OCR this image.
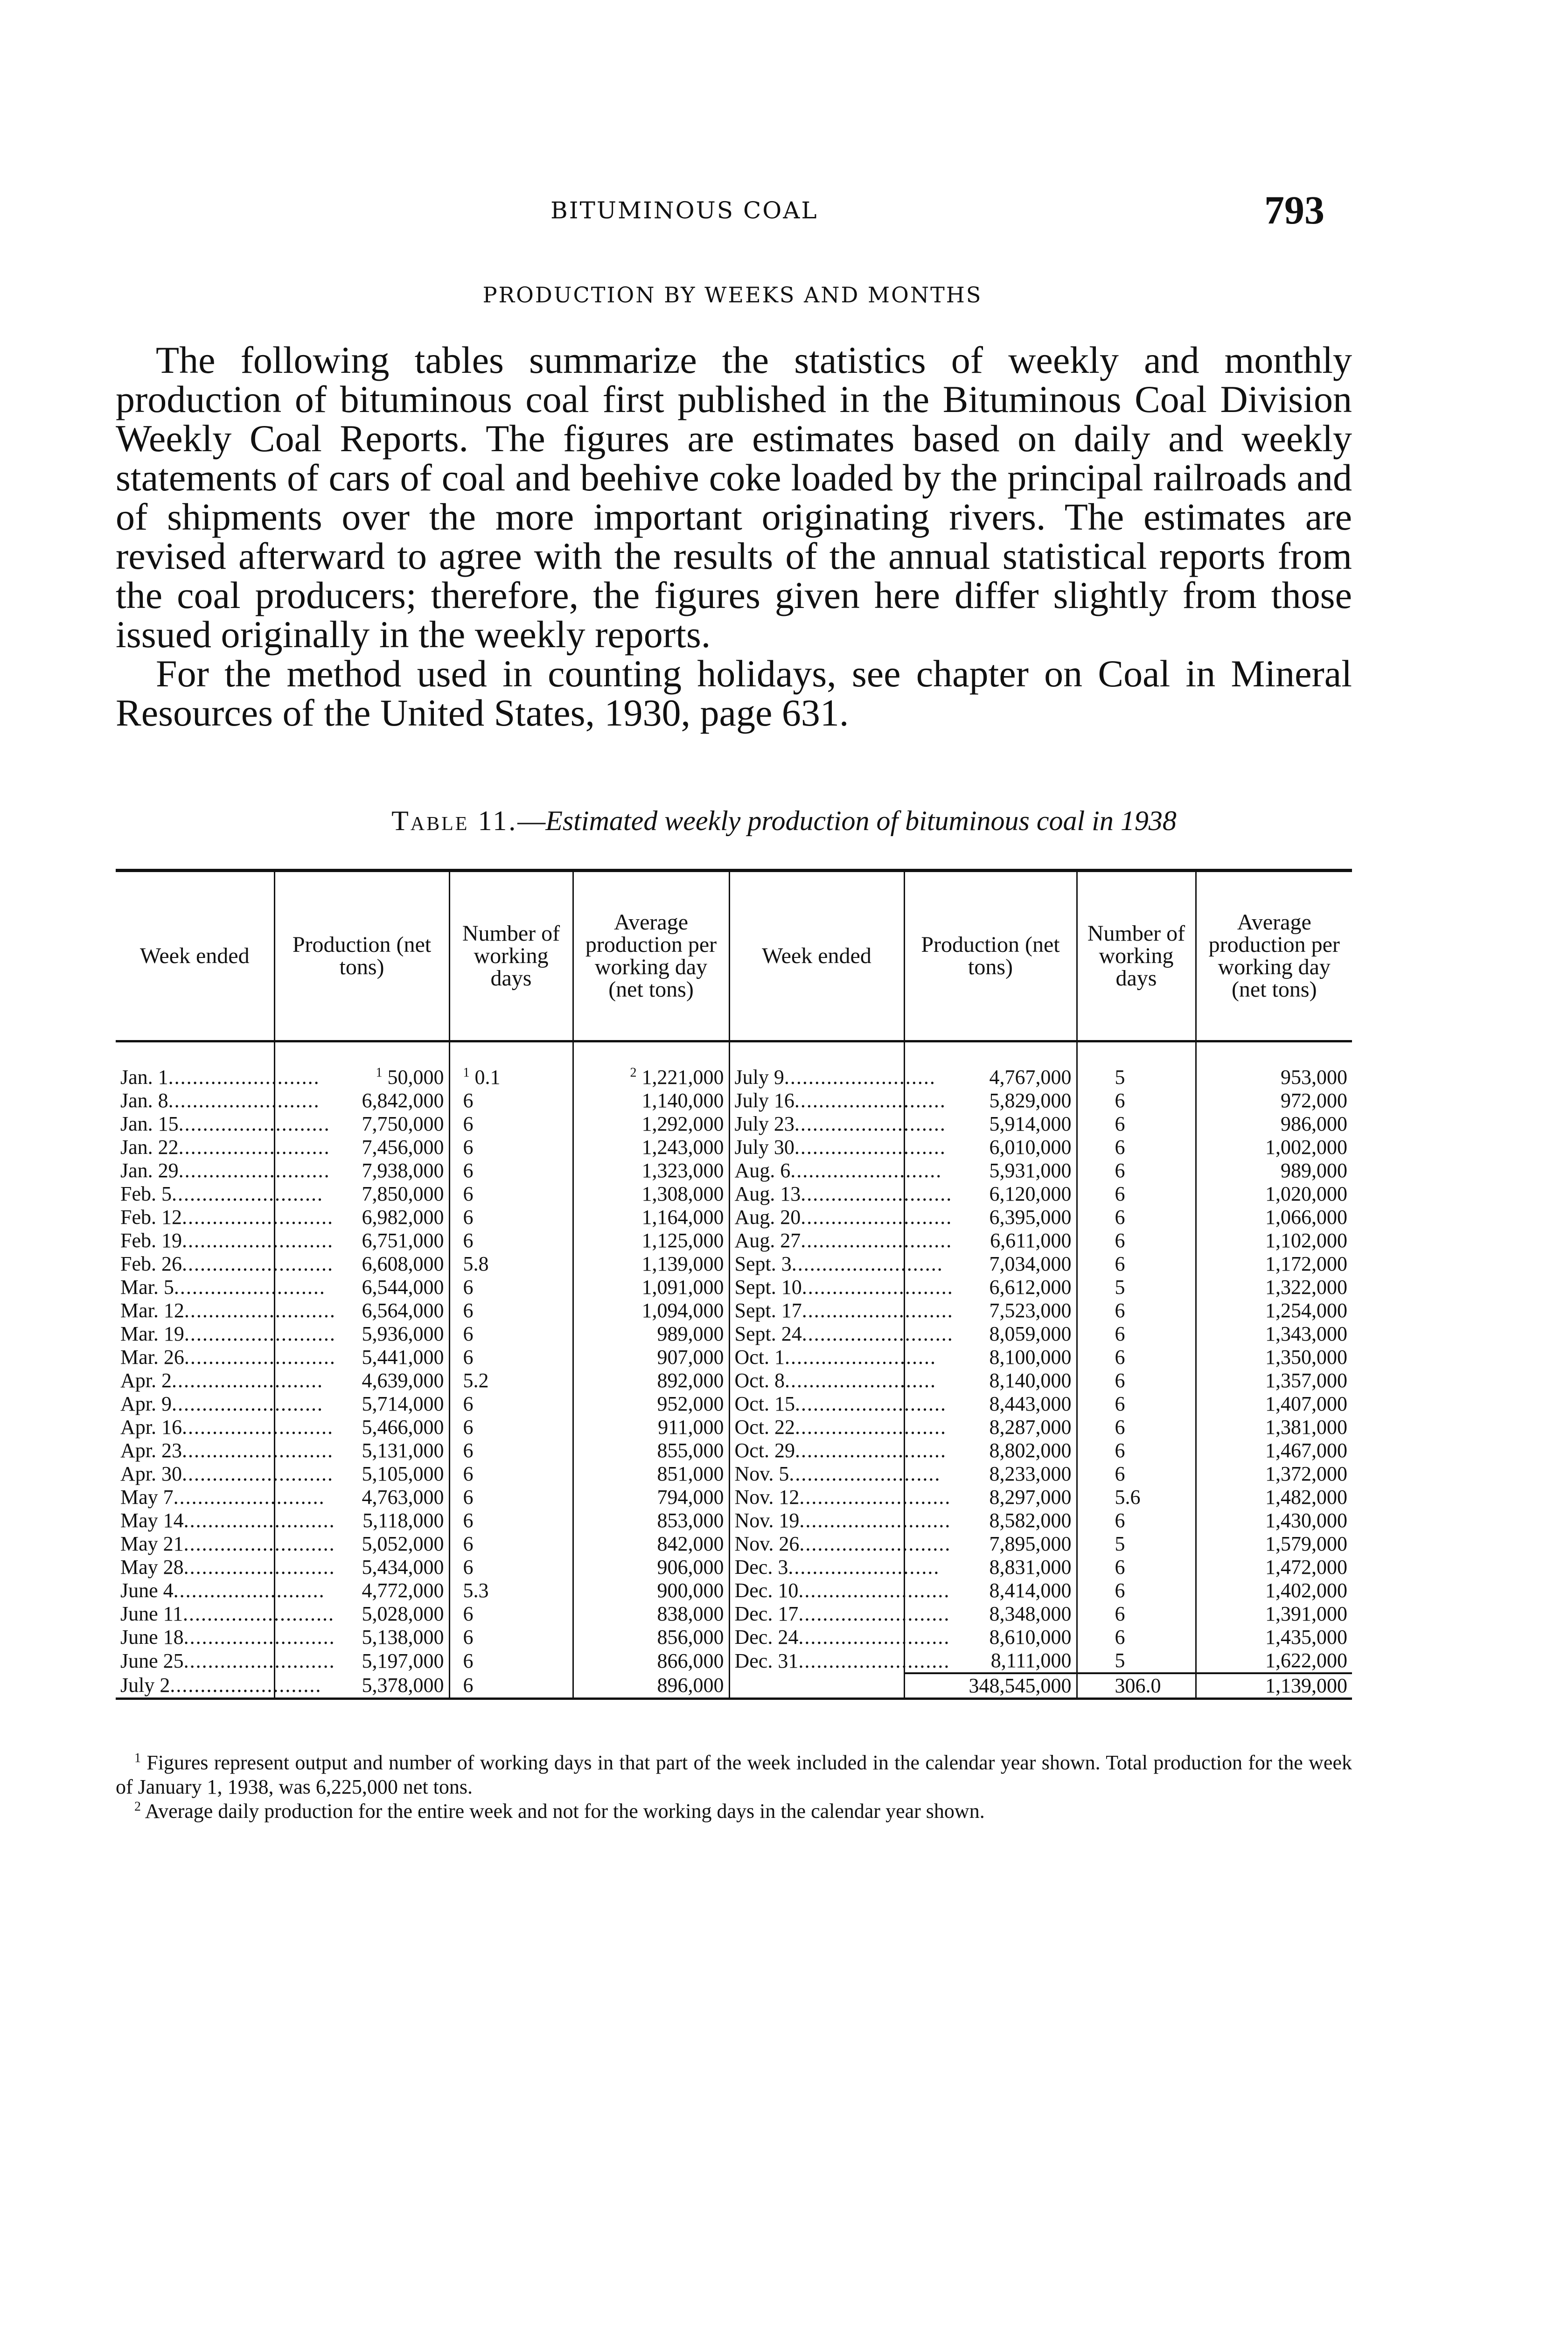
BITUMINOUS COAL	793
PRODUCTION BY WEEKS AND MONTHS

The following tables summarize the statistics of weekly and monthly production of bituminous coal first published in the Bituminous Coal Division Weekly Coal Reports. The figures are estimates based on daily and weekly statements of cars of coal and beehive coke loaded by the principal railroads and of shipments over the more important originating rivers. The estimates are revised afterward to agree with the results of the annual statistical reports from the coal producers; therefore, the figures given here differ slightly from those issued originally in the weekly reports.

For the method used in counting holidays, see chapter on Coal in Mineral Resources of the United States, 1930, page 631.

Table 11.—Estimated weekly production of bituminous coal in 1938
Week ended	Production (net tons)	Number of working days	Average production per working day (net tons)	Week ended	Production (net tons)	Number of working days	Average production per working day (net tons)
Jan. 1.........................	$^1$ 50,000	$^1$ 0.1	$^2$ 1,221,000	July 9.........................	4,767,000	5	953,000
Jan. 8.........................	6,842,000	6	1,140,000	July 16.........................	5,829,000	6	972,000
Jan. 15.........................	7,750,000	6	1,292,000	July 23.........................	5,914,000	6	986,000
Jan. 22.........................	7,456,000	6	1,243,000	July 30.........................	6,010,000	6	1,002,000
Jan. 29.........................	7,938,000	6	1,323,000	Aug. 6.........................	5,931,000	6	989,000
Feb. 5.........................	7,850,000	6	1,308,000	Aug. 13.........................	6,120,000	6	1,020,000
Feb. 12.........................	6,982,000	6	1,164,000	Aug. 20.........................	6,395,000	6	1,066,000
Feb. 19.........................	6,751,000	6	1,125,000	Aug. 27.........................	6,611,000	6	1,102,000
Feb. 26.........................	6,608,000	5.8	1,139,000	Sept. 3.........................	7,034,000	6	1,172,000
Mar. 5.........................	6,544,000	6	1,091,000	Sept. 10.........................	6,612,000	5	1,322,000
Mar. 12.........................	6,564,000	6	1,094,000	Sept. 17.........................	7,523,000	6	1,254,000
Mar. 19.........................	5,936,000	6	989,000	Sept. 24.........................	8,059,000	6	1,343,000
Mar. 26.........................	5,441,000	6	907,000	Oct. 1.........................	8,100,000	6	1,350,000
Apr. 2.........................	4,639,000	5.2	892,000	Oct. 8.........................	8,140,000	6	1,357,000
Apr. 9.........................	5,714,000	6	952,000	Oct. 15.........................	8,443,000	6	1,407,000
Apr. 16.........................	5,466,000	6	911,000	Oct. 22.........................	8,287,000	6	1,381,000
Apr. 23.........................	5,131,000	6	855,000	Oct. 29.........................	8,802,000	6	1,467,000
Apr. 30.........................	5,105,000	6	851,000	Nov. 5.........................	8,233,000	6	1,372,000
May 7.........................	4,763,000	6	794,000	Nov. 12.........................	8,297,000	5.6	1,482,000
May 14.........................	5,118,000	6	853,000	Nov. 19.........................	8,582,000	6	1,430,000
May 21.........................	5,052,000	6	842,000	Nov. 26.........................	7,895,000	5	1,579,000
May 28.........................	5,434,000	6	906,000	Dec. 3.........................	8,831,000	6	1,472,000
June 4.........................	4,772,000	5.3	900,000	Dec. 10.........................	8,414,000	6	1,402,000
June 11.........................	5,028,000	6	838,000	Dec. 17.........................	8,348,000	6	1,391,000
June 18.........................	5,138,000	6	856,000	Dec. 24.........................	8,610,000	6	1,435,000
June 25.........................	5,197,000	6	866,000	Dec. 31.........................	8,111,000	5	1,622,000
July 2.........................	5,378,000	6	896,000		348,545,000	306.0	1,139,000

$^1$ Figures represent output and number of working days in that part of the week included in the calendar year shown. Total production for the week of January 1, 1938, was 6,225,000 net tons.

$^2$ Average daily production for the entire week and not for the working days in the calendar year shown.
